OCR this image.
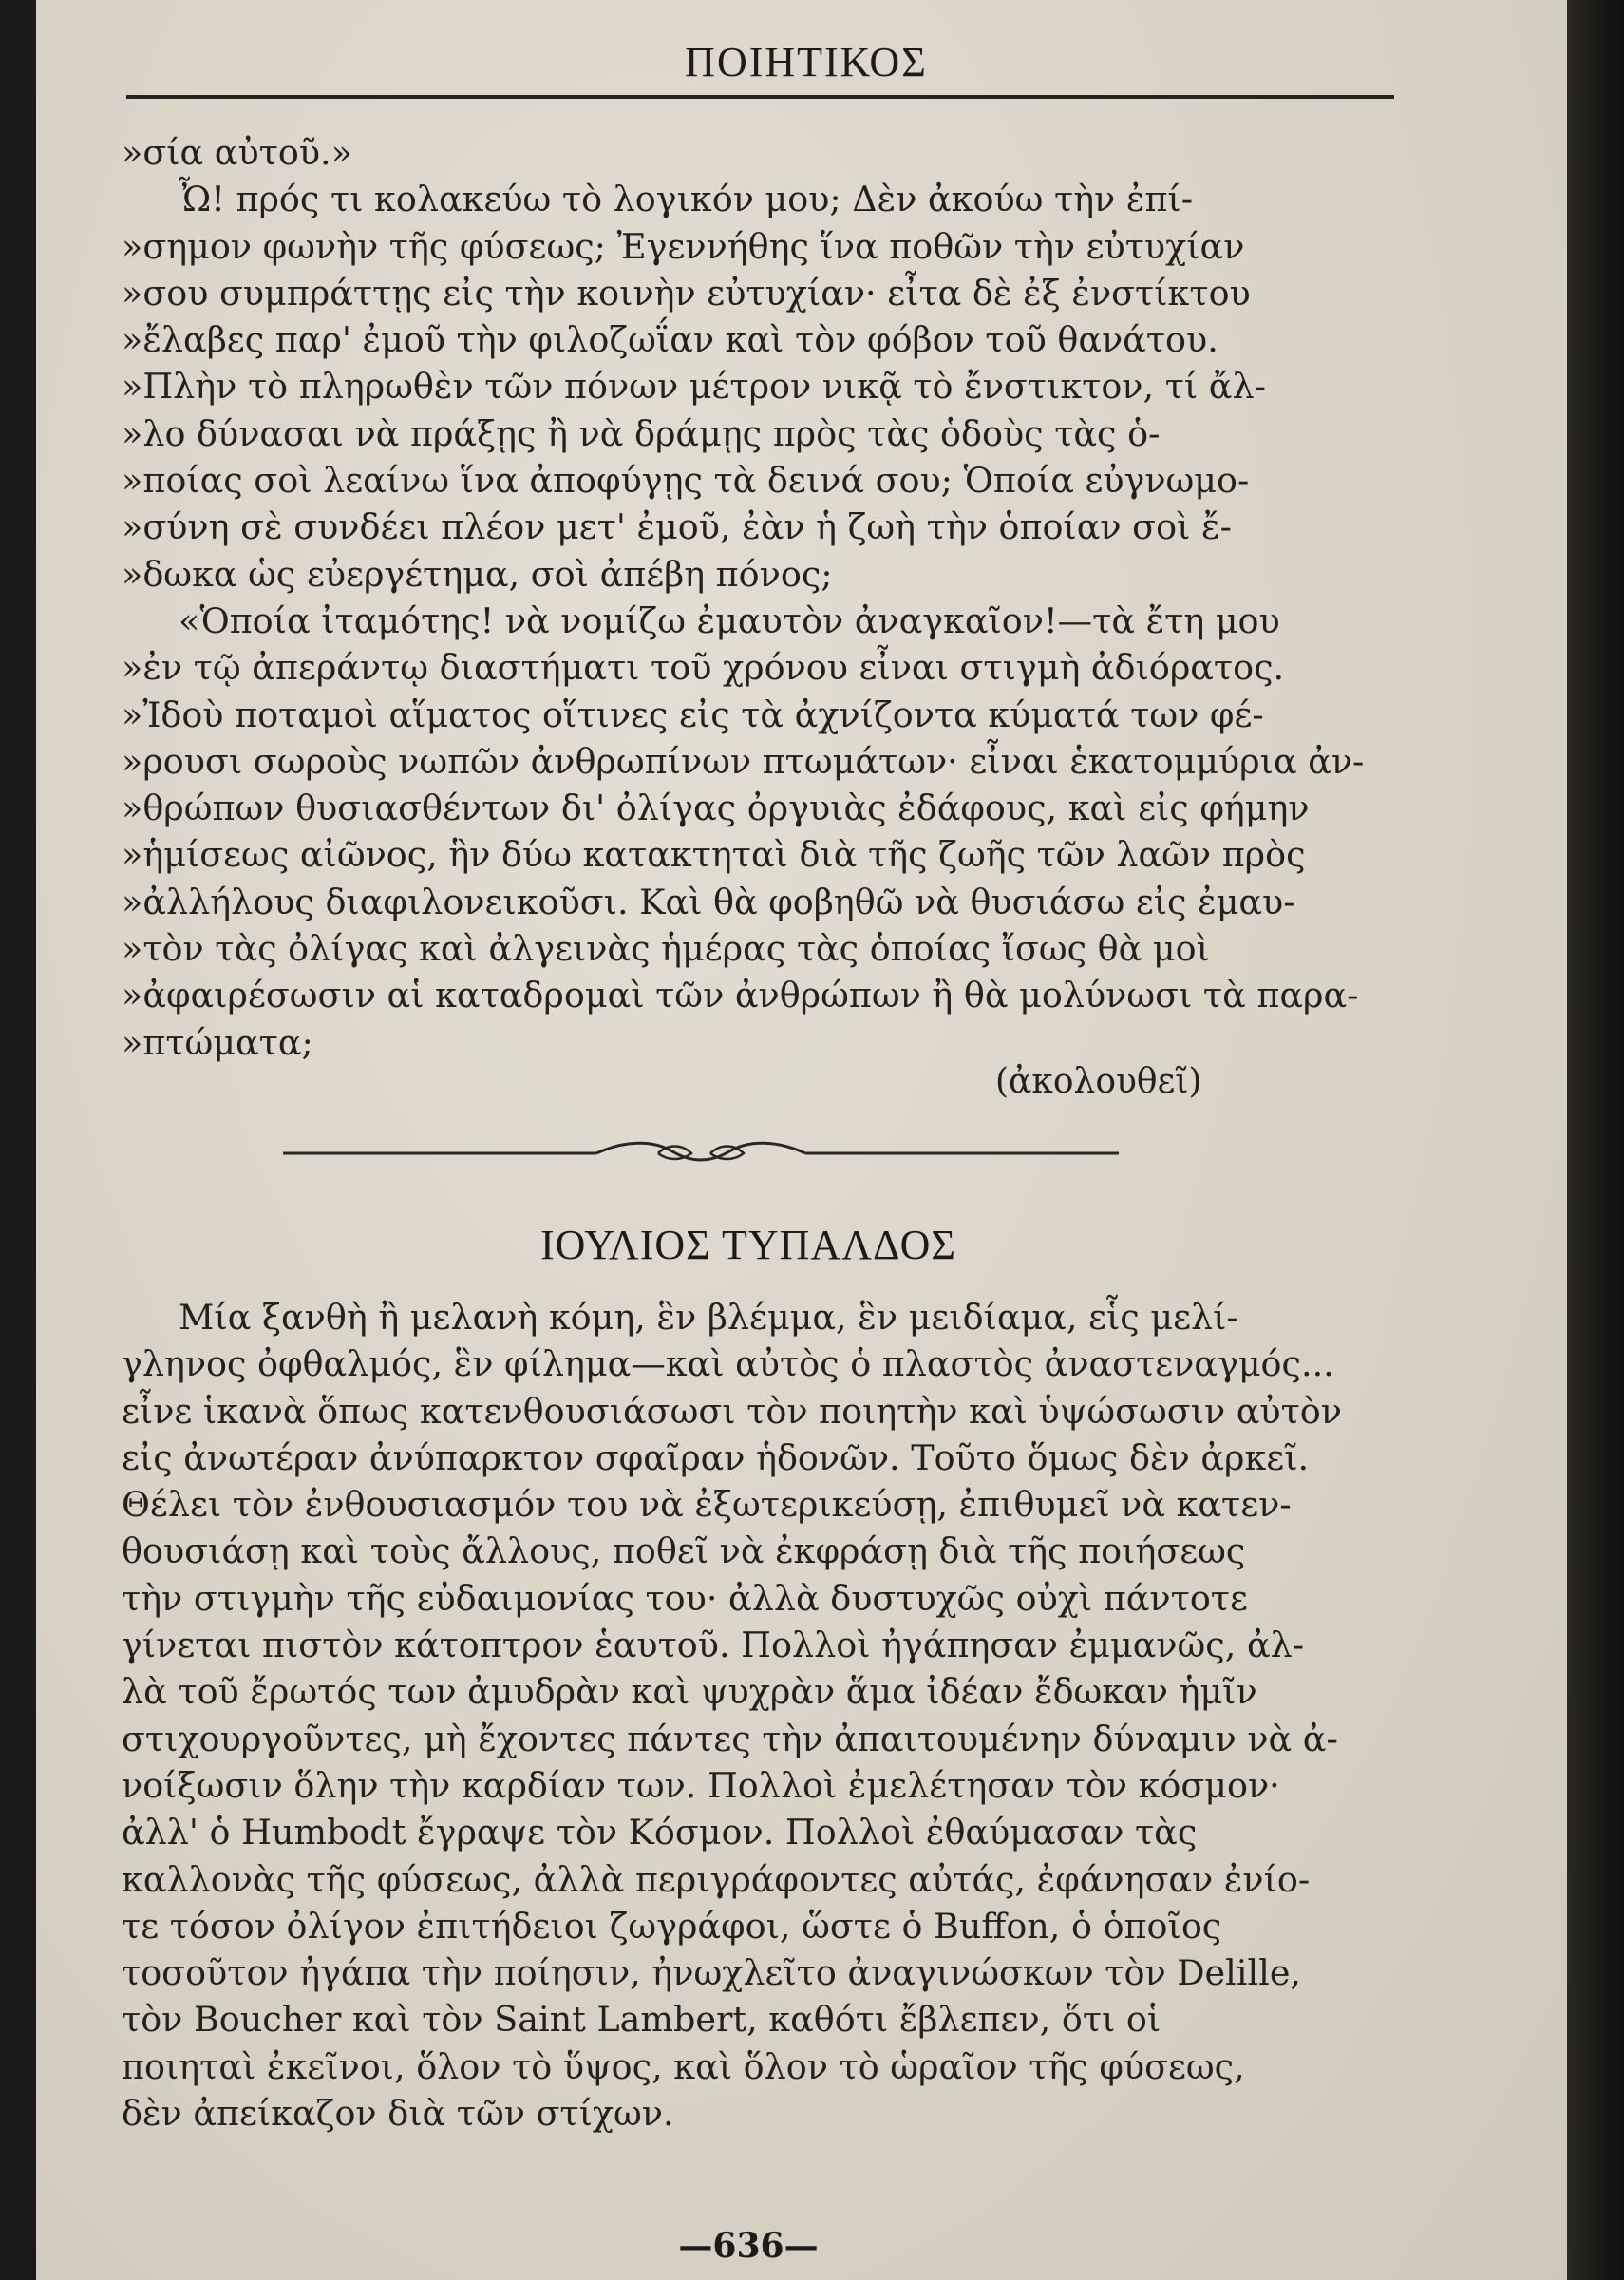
ΠΟΙΗΤΙΚΟΣ
»σία αὐτοῦ.»
Ὦ! πρός τι κολακεύω τὸ λογικόν μου; Δὲν ἀκούω τὴν ἐπί-
»σημον φωνὴν τῆς φύσεως; Ἐγεννήθης ἵνα ποθῶν τὴν εὐτυχίαν
»σου συμπράττῃς εἰς τὴν κοινὴν εὐτυχίαν· εἶτα δὲ ἐξ ἐνστίκτου
»ἔλαβες παρ' ἐμοῦ τὴν φιλοζωΐαν καὶ τὸν φόβον τοῦ θανάτου.
»Πλὴν τὸ πληρωθὲν τῶν πόνων μέτρον νικᾷ τὸ ἔνστικτον, τί ἄλ-
»λο δύνασαι νὰ πράξῃς ἢ νὰ δράμῃς πρὸς τὰς ὁδοὺς τὰς ὁ-
»ποίας σοὶ λεαίνω ἵνα ἀποφύγῃς τὰ δεινά σου; Ὁποία εὐγνωμο-
»σύνη σὲ συνδέει πλέον μετ' ἐμοῦ, ἐὰν ἡ ζωὴ τὴν ὁποίαν σοὶ ἔ-
»δωκα ὡς εὐεργέτημα, σοὶ ἀπέβη πόνος;
«Ὁποία ἰταμότης! νὰ νομίζω ἐμαυτὸν ἀναγκαῖον!—τὰ ἔτη μου
»ἐν τῷ ἀπεράντῳ διαστήματι τοῦ χρόνου εἶναι στιγμὴ ἀδιόρατος.
»Ἰδοὺ ποταμοὶ αἵματος οἵτινες εἰς τὰ ἀχνίζοντα κύματά των φέ-
»ρουσι σωροὺς νωπῶν ἀνθρωπίνων πτωμάτων· εἶναι ἑκατομμύρια ἀν-
»θρώπων θυσιασθέντων δι' ὀλίγας ὀργυιὰς ἐδάφους, καὶ εἰς φήμην
»ἡμίσεως αἰῶνος, ἣν δύω κατακτηταὶ διὰ τῆς ζωῆς τῶν λαῶν πρὸς
»ἀλλήλους διαφιλονεικοῦσι. Καὶ θὰ φοβηθῶ νὰ θυσιάσω εἰς ἐμαυ-
»τὸν τὰς ὀλίγας καὶ ἀλγεινὰς ἡμέρας τὰς ὁποίας ἴσως θὰ μοὶ
»ἀφαιρέσωσιν αἱ καταδρομαὶ τῶν ἀνθρώπων ἢ θὰ μολύνωσι τὰ παρα-
»πτώματα;
(ἀκολουθεῖ)
ΙΟΥΛΙΟΣ ΤΥΠΑΛΔΟΣ
Μία ξανθὴ ἢ μελανὴ κόμη, ἓν βλέμμα, ἓν μειδίαμα, εἷς μελί-
γληνος ὀφθαλμός, ἓν φίλημα—καὶ αὐτὸς ὁ πλαστὸς ἀναστεναγμός...
εἶνε ἱκανὰ ὅπως κατενθουσιάσωσι τὸν ποιητὴν καὶ ὑψώσωσιν αὐτὸν
εἰς ἀνωτέραν ἀνύπαρκτον σφαῖραν ἡδονῶν. Τοῦτο ὅμως δὲν ἀρκεῖ.
Θέλει τὸν ἐνθουσιασμόν του νὰ ἐξωτερικεύσῃ, ἐπιθυμεῖ νὰ κατεν-
θουσιάσῃ καὶ τοὺς ἄλλους, ποθεῖ νὰ ἐκφράσῃ διὰ τῆς ποιήσεως
τὴν στιγμὴν τῆς εὐδαιμονίας του· ἀλλὰ δυστυχῶς οὐχὶ πάντοτε
γίνεται πιστὸν κάτοπτρον ἑαυτοῦ. Πολλοὶ ἠγάπησαν ἐμμανῶς, ἀλ-
λὰ τοῦ ἔρωτός των ἀμυδρὰν καὶ ψυχρὰν ἅμα ἰδέαν ἔδωκαν ἡμῖν
στιχουργοῦντες, μὴ ἔχοντες πάντες τὴν ἀπαιτουμένην δύναμιν νὰ ἀ-
νοίξωσιν ὅλην τὴν καρδίαν των. Πολλοὶ ἐμελέτησαν τὸν κόσμον·
ἀλλ' ὁ Humbodt ἔγραψε τὸν Κόσμον. Πολλοὶ ἐθαύμασαν τὰς
καλλονὰς τῆς φύσεως, ἀλλὰ περιγράφοντες αὐτάς, ἐφάνησαν ἐνίο-
τε τόσον ὀλίγον ἐπιτήδειοι ζωγράφοι, ὥστε ὁ Buffon, ὁ ὁποῖος
τοσοῦτον ἠγάπα τὴν ποίησιν, ἠνωχλεῖτο ἀναγινώσκων τὸν Delille,
τὸν Boucher καὶ τὸν Saint Lambert, καθότι ἔβλεπεν, ὅτι οἱ
ποιηταὶ ἐκεῖνοι, ὅλον τὸ ὕψος, καὶ ὅλον τὸ ὡραῖον τῆς φύσεως,
δὲν ἀπείκαζον διὰ τῶν στίχων.
—636—
